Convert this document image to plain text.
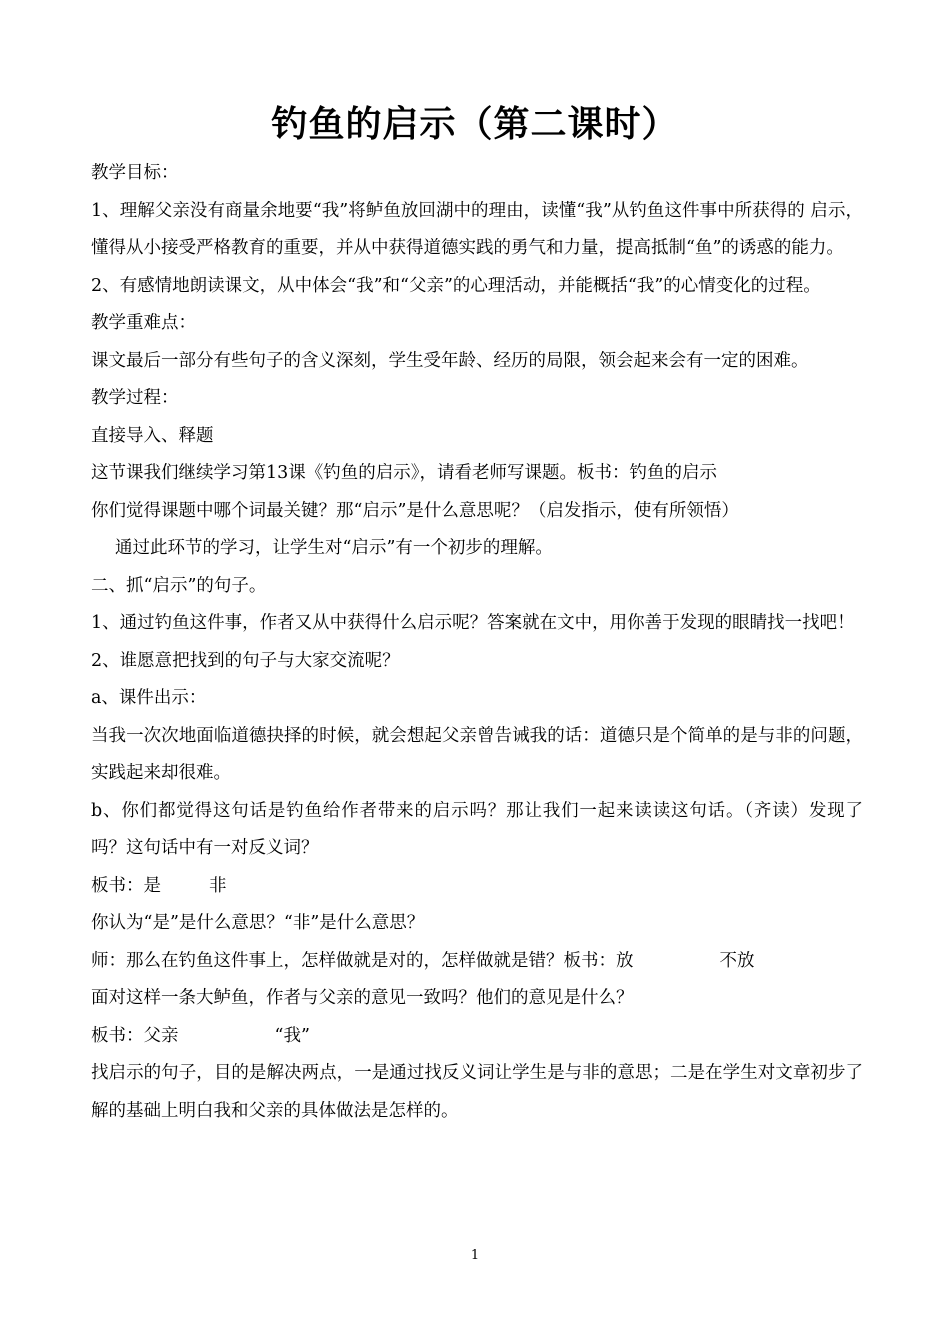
钓鱼的启示（第二课时）

教学目标：

1、理解父亲没有商量余地要“我”将鲈鱼放回湖中的理由，读懂“我”从钓鱼这件事中所获得的 启示，懂得从小接受严格教育的重要，并从中获得道德实践的勇气和力量，提高抵制“鱼”的诱惑的能力。

2、有感情地朗读课文，从中体会“我”和“父亲”的心理活动，并能概括“我”的心情变化的过程。

教学重难点：

课文最后一部分有些句子的含义深刻，学生受年龄、经历的局限，领会起来会有一定的困难。

教学过程：

直接导入、释题

这节课我们继续学习第13课《钓鱼的启示》，请看老师写课题。板书：钓鱼的启示

你们觉得课题中哪个词最关键？那“启示”是什么意思呢？（启发指示，使有所领悟）

通过此环节的学习，让学生对“启示”有一个初步的理解。

二、抓“启示”的句子。

1、通过钓鱼这件事，作者又从中获得什么启示呢？答案就在文中，用你善于发现的眼睛找一找吧！

2、谁愿意把找到的句子与大家交流呢？

a、课件出示：

当我一次次地面临道德抉择的时候，就会想起父亲曾告诫我的话：道德只是个简单的是与非的问题，实践起来却很难。

b、你们都觉得这句话是钓鱼给作者带来的启示吗？那让我们一起来读读这句话。（齐读）发现了吗？这句话中有一对反义词？

板书：是	非

你认为“是”是什么意思？“非”是什么意思？

师：那么在钓鱼这件事上，怎样做就是对的，怎样做就是错？板书：放	不放

面对这样一条大鲈鱼，作者与父亲的意见一致吗？他们的意见是什么？

板书：父亲	“我”

找启示的句子，目的是解决两点，一是通过找反义词让学生是与非的意思；二是在学生对文章初步了解的基础上明白我和父亲的具体做法是怎样的。

1
